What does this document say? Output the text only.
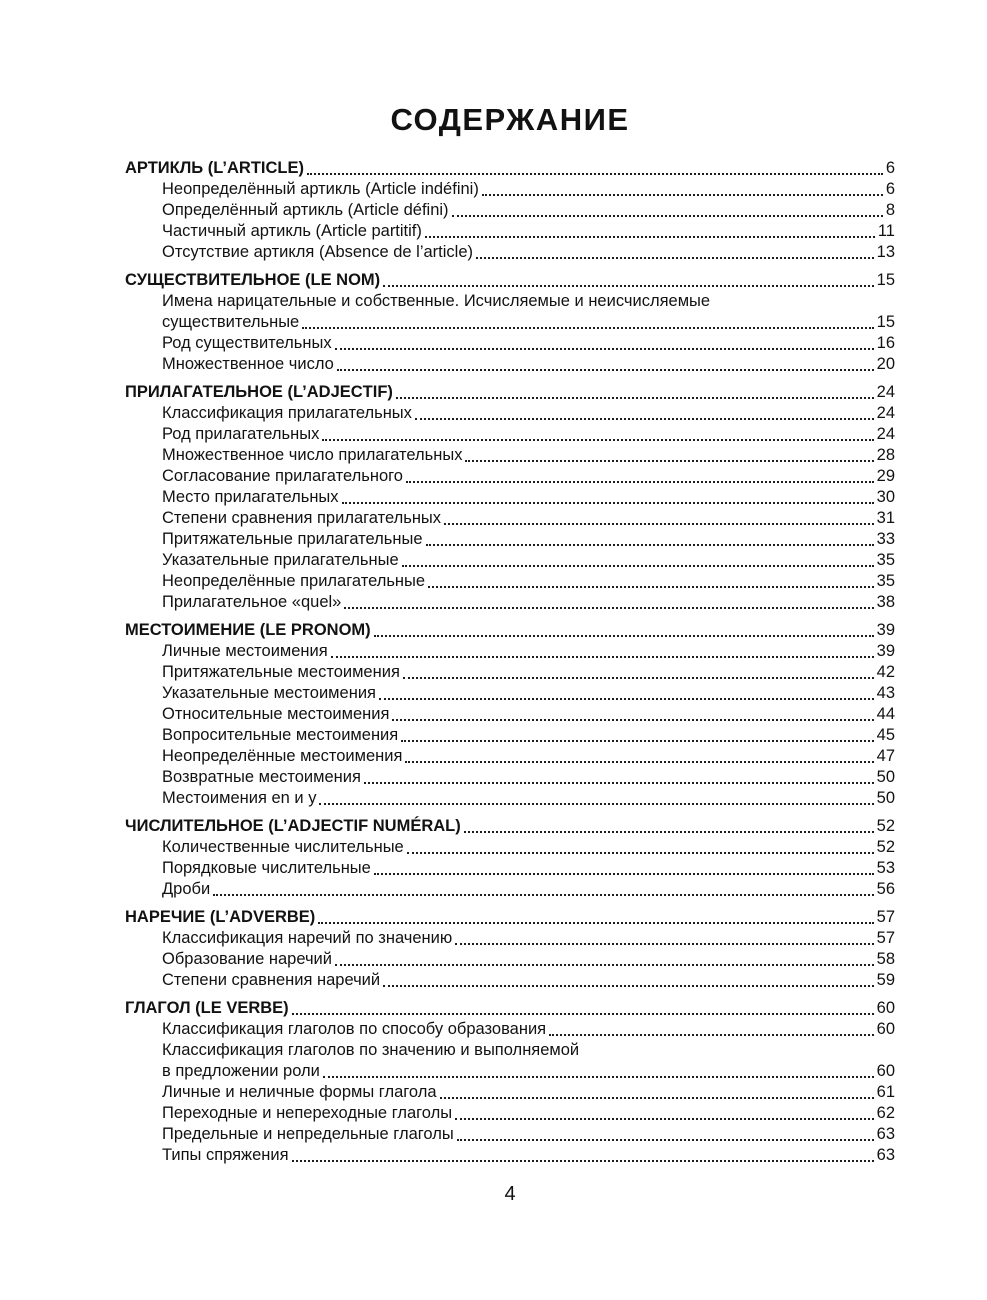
СОДЕРЖАНИЕ
АРТИКЛЬ (L’ARTICLE)	6
Неопределённый артикль (Article indéfini)	6
Определённый артикль (Article défini)	8
Частичный артикль (Article partitif)	11
Отсутствие артикля (Absence de l’article)	13
СУЩЕСТВИТЕЛЬНОЕ (LE NOM)	15
Имена нарицательные и собственные. Исчисляемые и неисчисляемые
существительные	15
Род существительных	16
Множественное число	20
ПРИЛАГАТЕЛЬНОЕ (L’ADJECTIF)	24
Классификация прилагательных	24
Род прилагательных	24
Множественное число прилагательных	28
Согласование прилагательного	29
Место прилагательных	30
Степени сравнения прилагательных	31
Притяжательные прилагательные	33
Указательные прилагательные	35
Неопределённые прилагательные	35
Прилагательное «quel»	38
МЕСТОИМЕНИЕ (LE PRONOM)	39
Личные местоимения	39
Притяжательные местоимения	42
Указательные местоимения	43
Относительные местоимения	44
Вопросительные местоимения	45
Неопределённые местоимения	47
Возвратные местоимения	50
Местоимения en и y	50
ЧИСЛИТЕЛЬНОЕ (L’ADJECTIF NUMÉRAL)	52
Количественные числительные	52
Порядковые числительные	53
Дроби	56
НАРЕЧИЕ (L’ADVERBE)	57
Классификация наречий по значению	57
Образование наречий	58
Степени сравнения наречий	59
ГЛАГОЛ (LE VERBE)	60
Классификация глаголов по способу образования	60
Классификация глаголов по значению и выполняемой
в предложении роли	60
Личные и неличные формы глагола	61
Переходные и непереходные глаголы	62
Предельные и непредельные глаголы	63
Типы спряжения	63
4
